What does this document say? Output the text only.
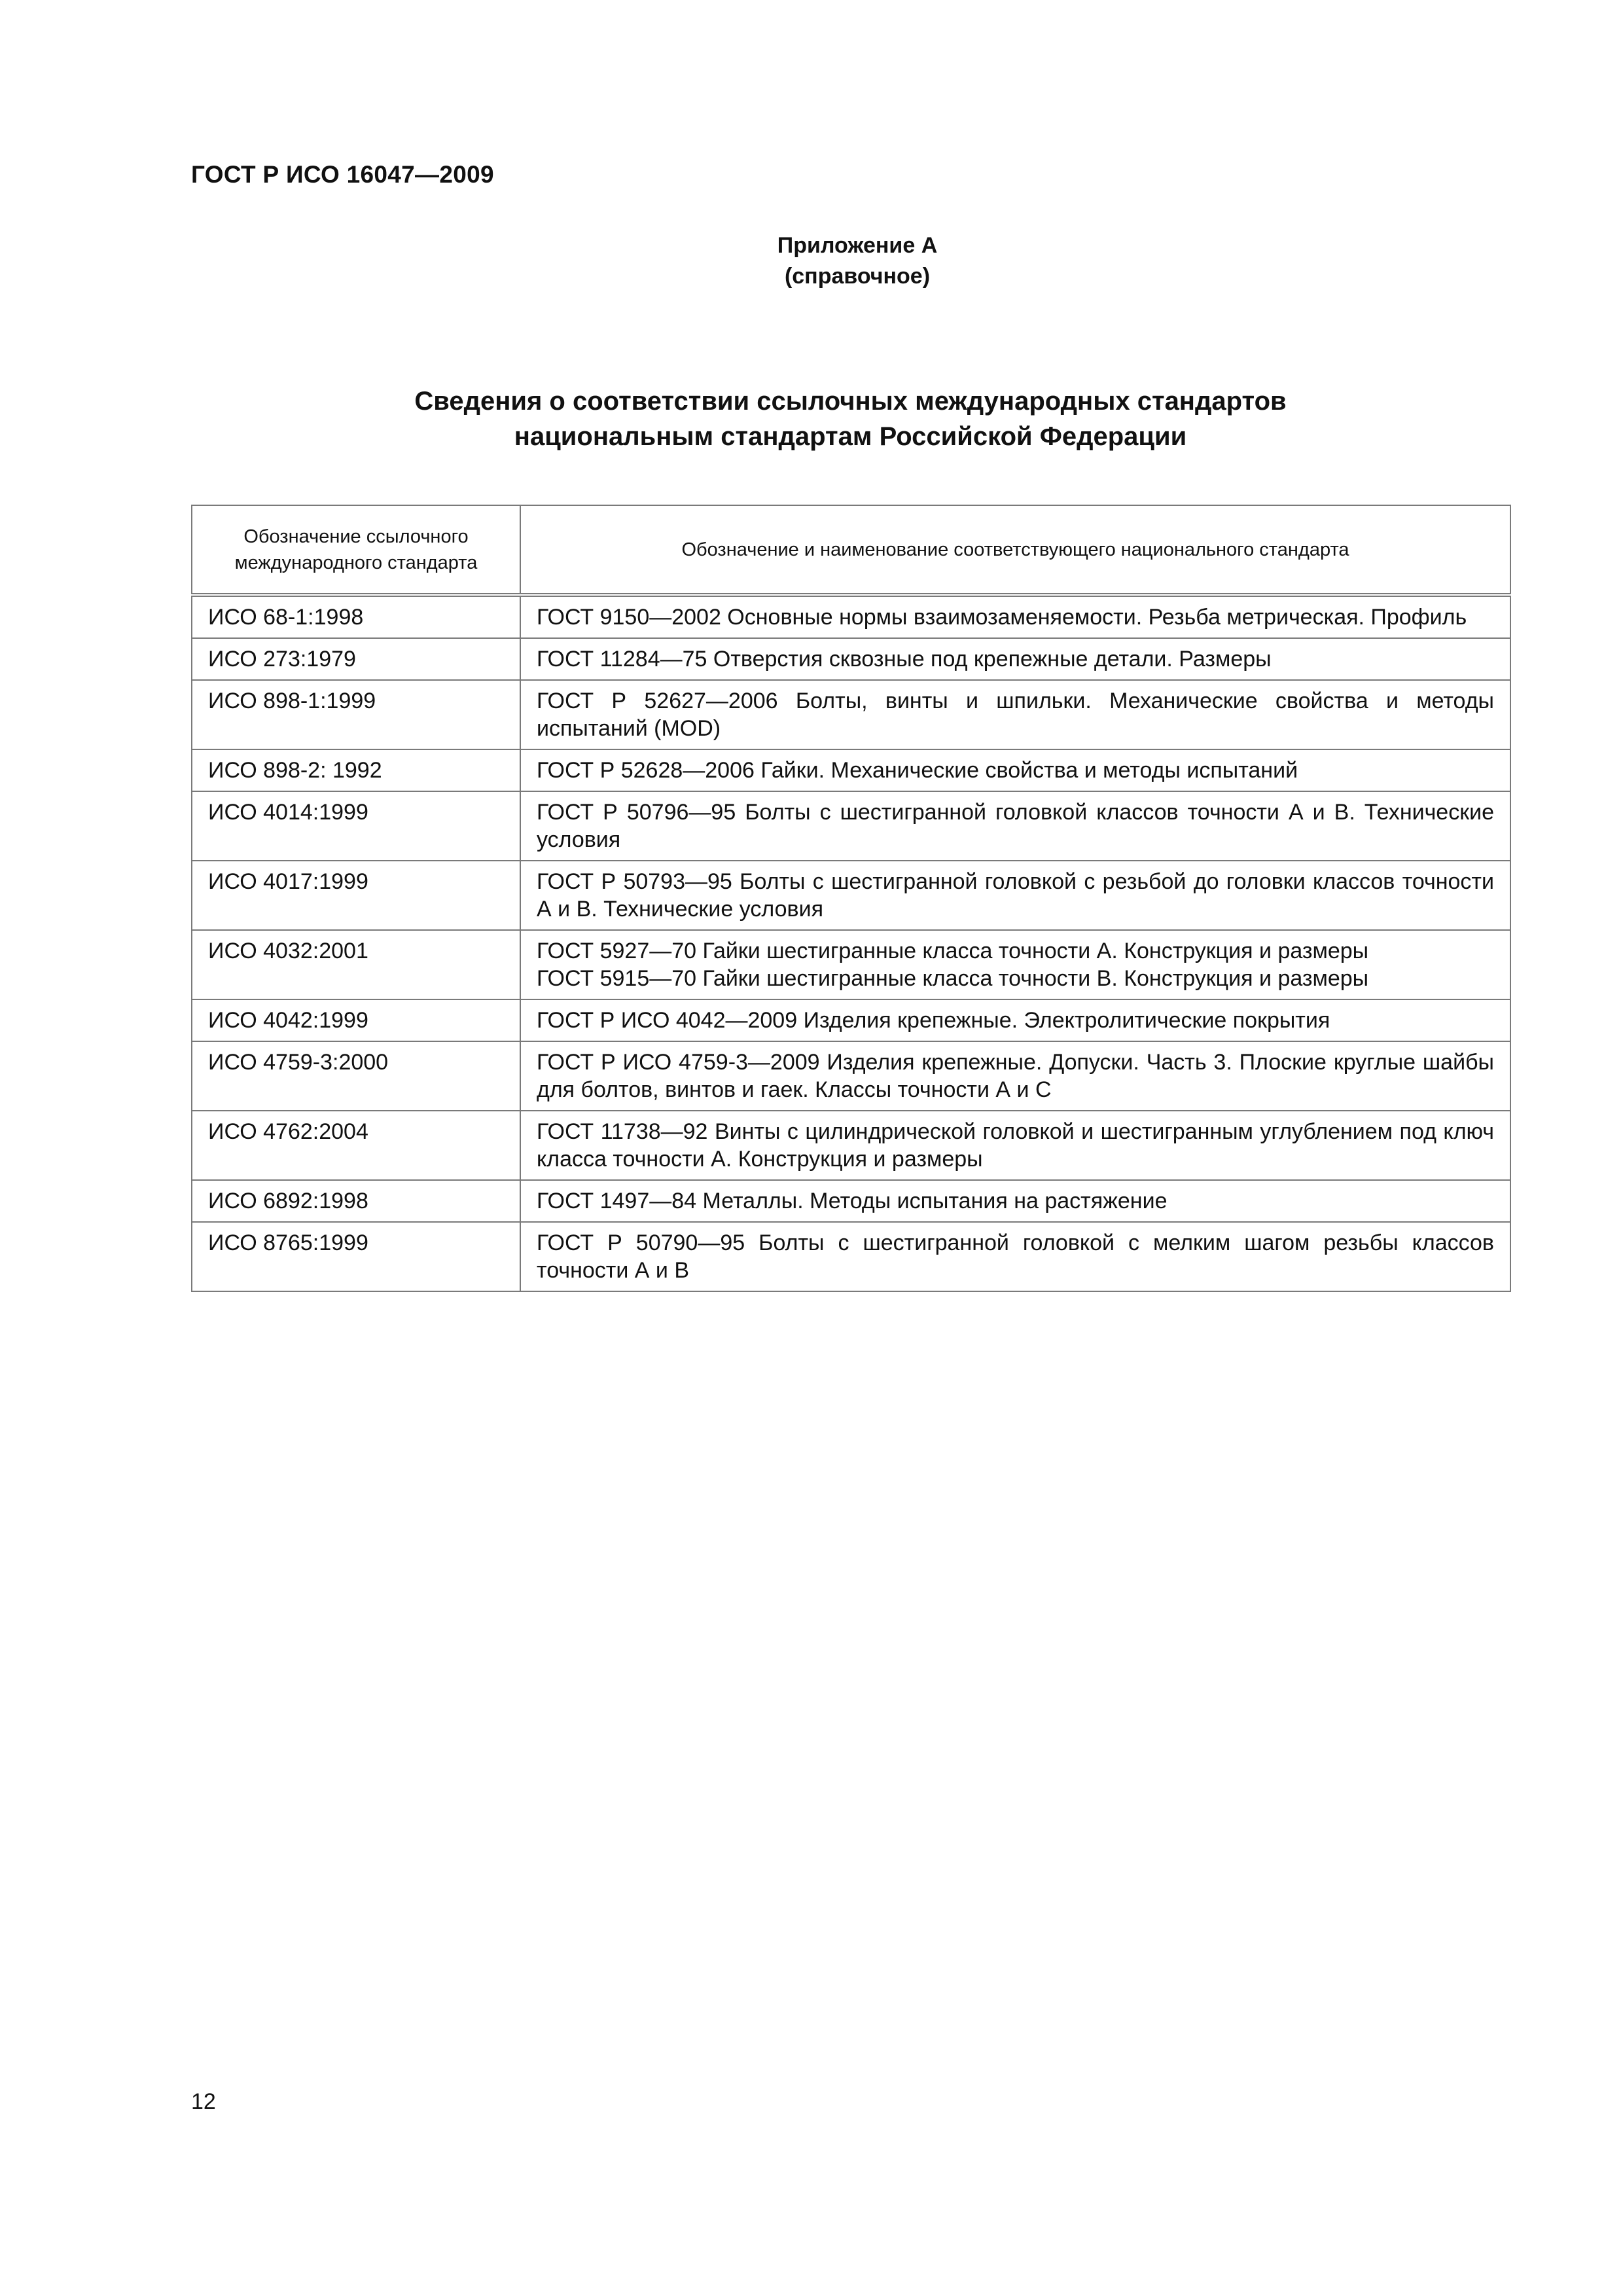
ГОСТ Р ИСО 16047—2009
Приложение А
(справочное)
Сведения о соответствии ссылочных международных стандартов
национальным стандартам Российской Федерации
Обозначение ссылочного международного стандарта	Обозначение и наименование соответствующего национального стандарта
ИСО 68-1:1998	ГОСТ 9150—2002 Основные нормы взаимозаменяемости. Резьба метрическая. Профиль

ИСО 273:1979	ГОСТ 11284—75 Отверстия сквозные под крепежные детали. Размеры

ИСО 898-1:1999	ГОСТ Р 52627—2006 Болты, винты и шпильки. Механические свойства и методы испытаний (MOD)

ИСО 898-2: 1992	ГОСТ Р 52628—2006 Гайки. Механические свойства и методы испытаний

ИСО 4014:1999	ГОСТ Р 50796—95 Болты с шестигранной головкой классов точности А и В. Технические условия

ИСО 4017:1999	ГОСТ Р 50793—95 Болты с шестигранной головкой с резьбой до головки классов точности А и В. Технические условия

ИСО 4032:2001	ГОСТ 5927—70 Гайки шестигранные класса точности А. Конструкция и размеры
ГОСТ 5915—70 Гайки шестигранные класса точности В. Конструкция и размеры

ИСО 4042:1999	ГОСТ Р ИСО 4042—2009 Изделия крепежные. Электролитические покрытия

ИСО 4759-3:2000	ГОСТ Р ИСО 4759-3—2009 Изделия крепежные. Допуски. Часть 3. Плоские круглые шайбы для болтов, винтов и гаек. Классы точности А и С

ИСО 4762:2004	ГОСТ 11738—92 Винты с цилиндрической головкой и шестигранным углублением под ключ класса точности А. Конструкция и размеры

ИСО 6892:1998	ГОСТ 1497—84 Металлы. Методы испытания на растяжение

ИСО 8765:1999	ГОСТ Р 50790—95 Болты с шестигранной головкой с мелким шагом резьбы классов точности А и В
12
